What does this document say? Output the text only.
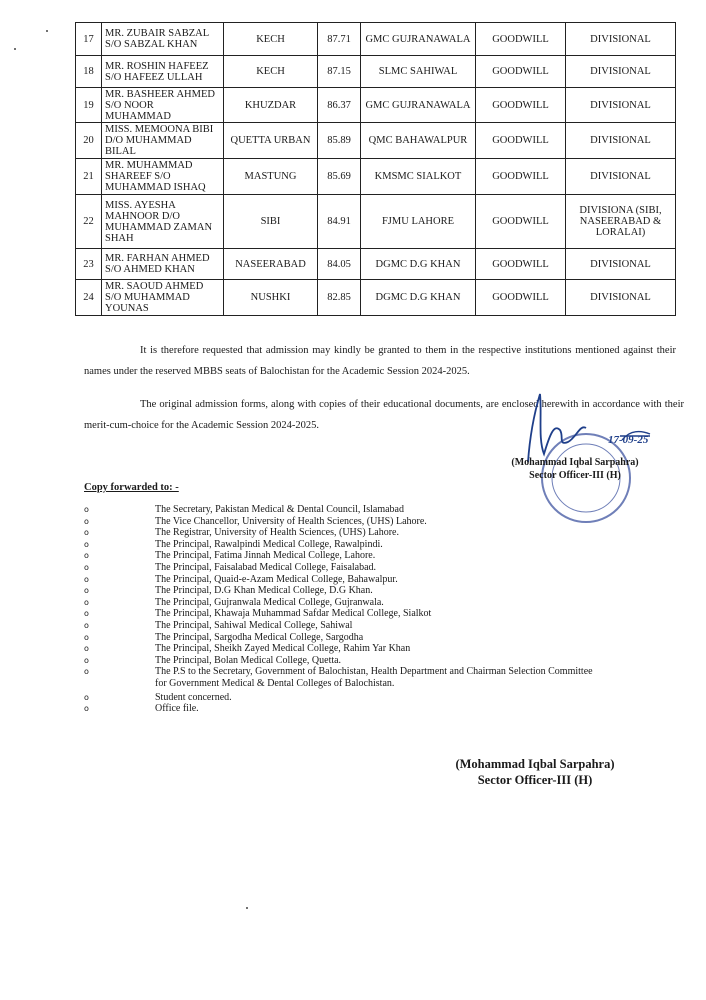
17	MR. ZUBAIR SABZAL S/O SABZAL KHAN	KECH	87.71	GMC GUJRANAWALA	GOODWILL	DIVISIONAL
18	MR. ROSHIN HAFEEZ S/O HAFEEZ ULLAH	KECH	87.15	SLMC SAHIWAL	GOODWILL	DIVISIONAL
19	MR. BASHEER AHMED S/O NOOR MUHAMMAD	KHUZDAR	86.37	GMC GUJRANAWALA	GOODWILL	DIVISIONAL
20	MISS. MEMOONA BIBI D/O MUHAMMAD BILAL	QUETTA URBAN	85.89	QMC BAHAWALPUR	GOODWILL	DIVISIONAL
21	MR. MUHAMMAD SHAREEF S/O MUHAMMAD ISHAQ	MASTUNG	85.69	KMSMC SIALKOT	GOODWILL	DIVISIONAL
22	MISS. AYESHA MAHNOOR D/O MUHAMMAD ZAMAN SHAH	SIBI	84.91	FJMU LAHORE	GOODWILL	DIVISIONA (SIBI, NASEERABAD & LORALAI)
23	MR. FARHAN AHMED S/O AHMED KHAN	NASEERABAD	84.05	DGMC D.G KHAN	GOODWILL	DIVISIONAL
24	MR. SAOUD AHMED S/O MUHAMMAD YOUNAS	NUSHKI	82.85	DGMC D.G KHAN	GOODWILL	DIVISIONAL
It is therefore requested that admission may kindly be granted to them in the respective institutions mentioned against their names under the reserved MBBS seats of Balochistan for the Academic Session 2024-2025.
The original admission forms, along with copies of their educational documents, are enclosed herewith in accordance with their merit-cum-choice for the Academic Session 2024-2025.
17-09-25
(Mohammad Iqbal Sarpahra)
Sector Officer-III (H)
Copy forwarded to: -
o	The Secretary, Pakistan Medical & Dental Council, Islamabad
o	The Vice Chancellor, University of Health Sciences, (UHS) Lahore.
o	The Registrar, University of Health Sciences, (UHS) Lahore.
o	The Principal, Rawalpindi Medical College, Rawalpindi.
o	The Principal, Fatima Jinnah Medical College, Lahore.
o	The Principal, Faisalabad Medical College, Faisalabad.
o	The Principal, Quaid-e-Azam Medical College, Bahawalpur.
o	The Principal, D.G Khan Medical College, D.G Khan.
o	The Principal, Gujranwala Medical College, Gujranwala.
o	The Principal, Khawaja Muhammad Safdar Medical College, Sialkot
o	The Principal, Sahiwal Medical College, Sahiwal
o	The Principal, Sargodha Medical College, Sargodha
o	The Principal, Sheikh Zayed Medical College, Rahim Yar Khan
o	The Principal, Bolan Medical College, Quetta.
o	The P.S to the Secretary, Government of Balochistan, Health Department and Chairman Selection Committee for Government Medical & Dental Colleges of Balochistan.
o	Student concerned.
o	Office file.
(Mohammad Iqbal Sarpahra)
Sector Officer-III (H)
